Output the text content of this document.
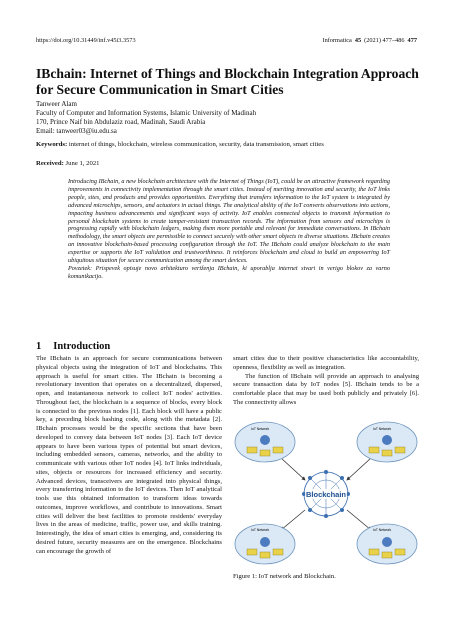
https://doi.org/10.31449/inf.v45i3.3573	Informatica 45 (2021) 477–486 477
IBchain: Internet of Things and Blockchain Integration Approach for Secure Communication in Smart Cities
Tanweer Alam
Faculty of Computer and Information Systems, Islamic University of Madinah
170, Prince Naif bin Abdulaziz road, Madinah, Saudi Arabia
Email: tanweer03@iu.edu.sa
Keywords: internet of things, blockchain, wireless communication, security, data transmission, smart cities
Received: June 1, 2021

Introducing IBchain, a new blockchain architecture with the Internet of Things (IoT), could be an attractive framework regarding improvements in connectivity implementation through the smart cities. Instead of meriting innovation and security, the IoT links people, sites, and products and provides opportunities. Everything that transfers information to the IoT system is integrated by advanced microchips, sensors, and actuators in actual things. The analytical ability of the IoT converts observations into actions, impacting business advancements and significant ways of activity. IoT enables connected objects to transmit information to personal blockchain systems to create tamper-resistant transaction records. The information from sensors and microchips is progressing rapidly with blockchain ledgers, making them more portable and relevant for immediate conversations. In IBchain methodology, the smart objects are permissible to connect securely with other smart objects in diverse situations. IBchain creates an innovative blockchain-based processing configuration through the IoT. The IBchain could analyze blockchain to the main expertise or supports the IoT validation and trustworthiness. It reinforces blockchain and cloud to build an empowering IoT ubiquitous situation for secure communication among the smart devices.

Povzetek: Prispevek opisuje novo arhitekturo veriženja IBchain, ki uporablja internet stvari in verigo blokov za varno komunikacijo.

1 Introduction

The IBchain is an approach for secure communications between physical objects using the integration of IoT and blockchains. This approach is useful for smart cities. The IBchain is becoming a revolutionary invention that operates on a decentralized, dispersed, open, and instantaneous network to collect IoT nodes' activities. Throughout fact, the blockchain is a sequence of blocks, every block is connected to the previous nodes [1]. Each block will have a public key, a preceding block hashing code, along with the metadata [2]. IBchain processes would be the specific sections that have been developed to convey data between IoT nodes [3]. Each IoT device appears to have been various types of potential but smart devices, including embedded sensors, cameras, networks, and the ability to communicate with various other IoT nodes [4]. IoT links individuals, sites, objects or resources for increased efficiency and security. Advanced devices, transceivers are integrated into physical things, every transferring information to the IoT devices. Then IoT analytical tools use this obtained information to transform ideas towards outcomes, improve workflows, and contribute to innovations. Smart cities will deliver the best facilities to promote residents' everyday lives in the areas of medicine, traffic, power use, and skills training. Interestingly, the idea of smart cities is emerging, and, considering its desired future, security measures are on the emergence. Blockchains can encourage the growth of

smart cities due to their positive characteristics like accountability, openness, flexibility as well as integration.

The function of IBchain will provide an approach to analysing secure transaction data by IoT nodes [5]. IBchain tends to be a comfortable place that may be used both publicly and privately [6]. The connectivity allows

IoT Network	IoT Network
IoT Network	IoT Network
Blockchain
Figure 1: IoT network and Blockchain.
